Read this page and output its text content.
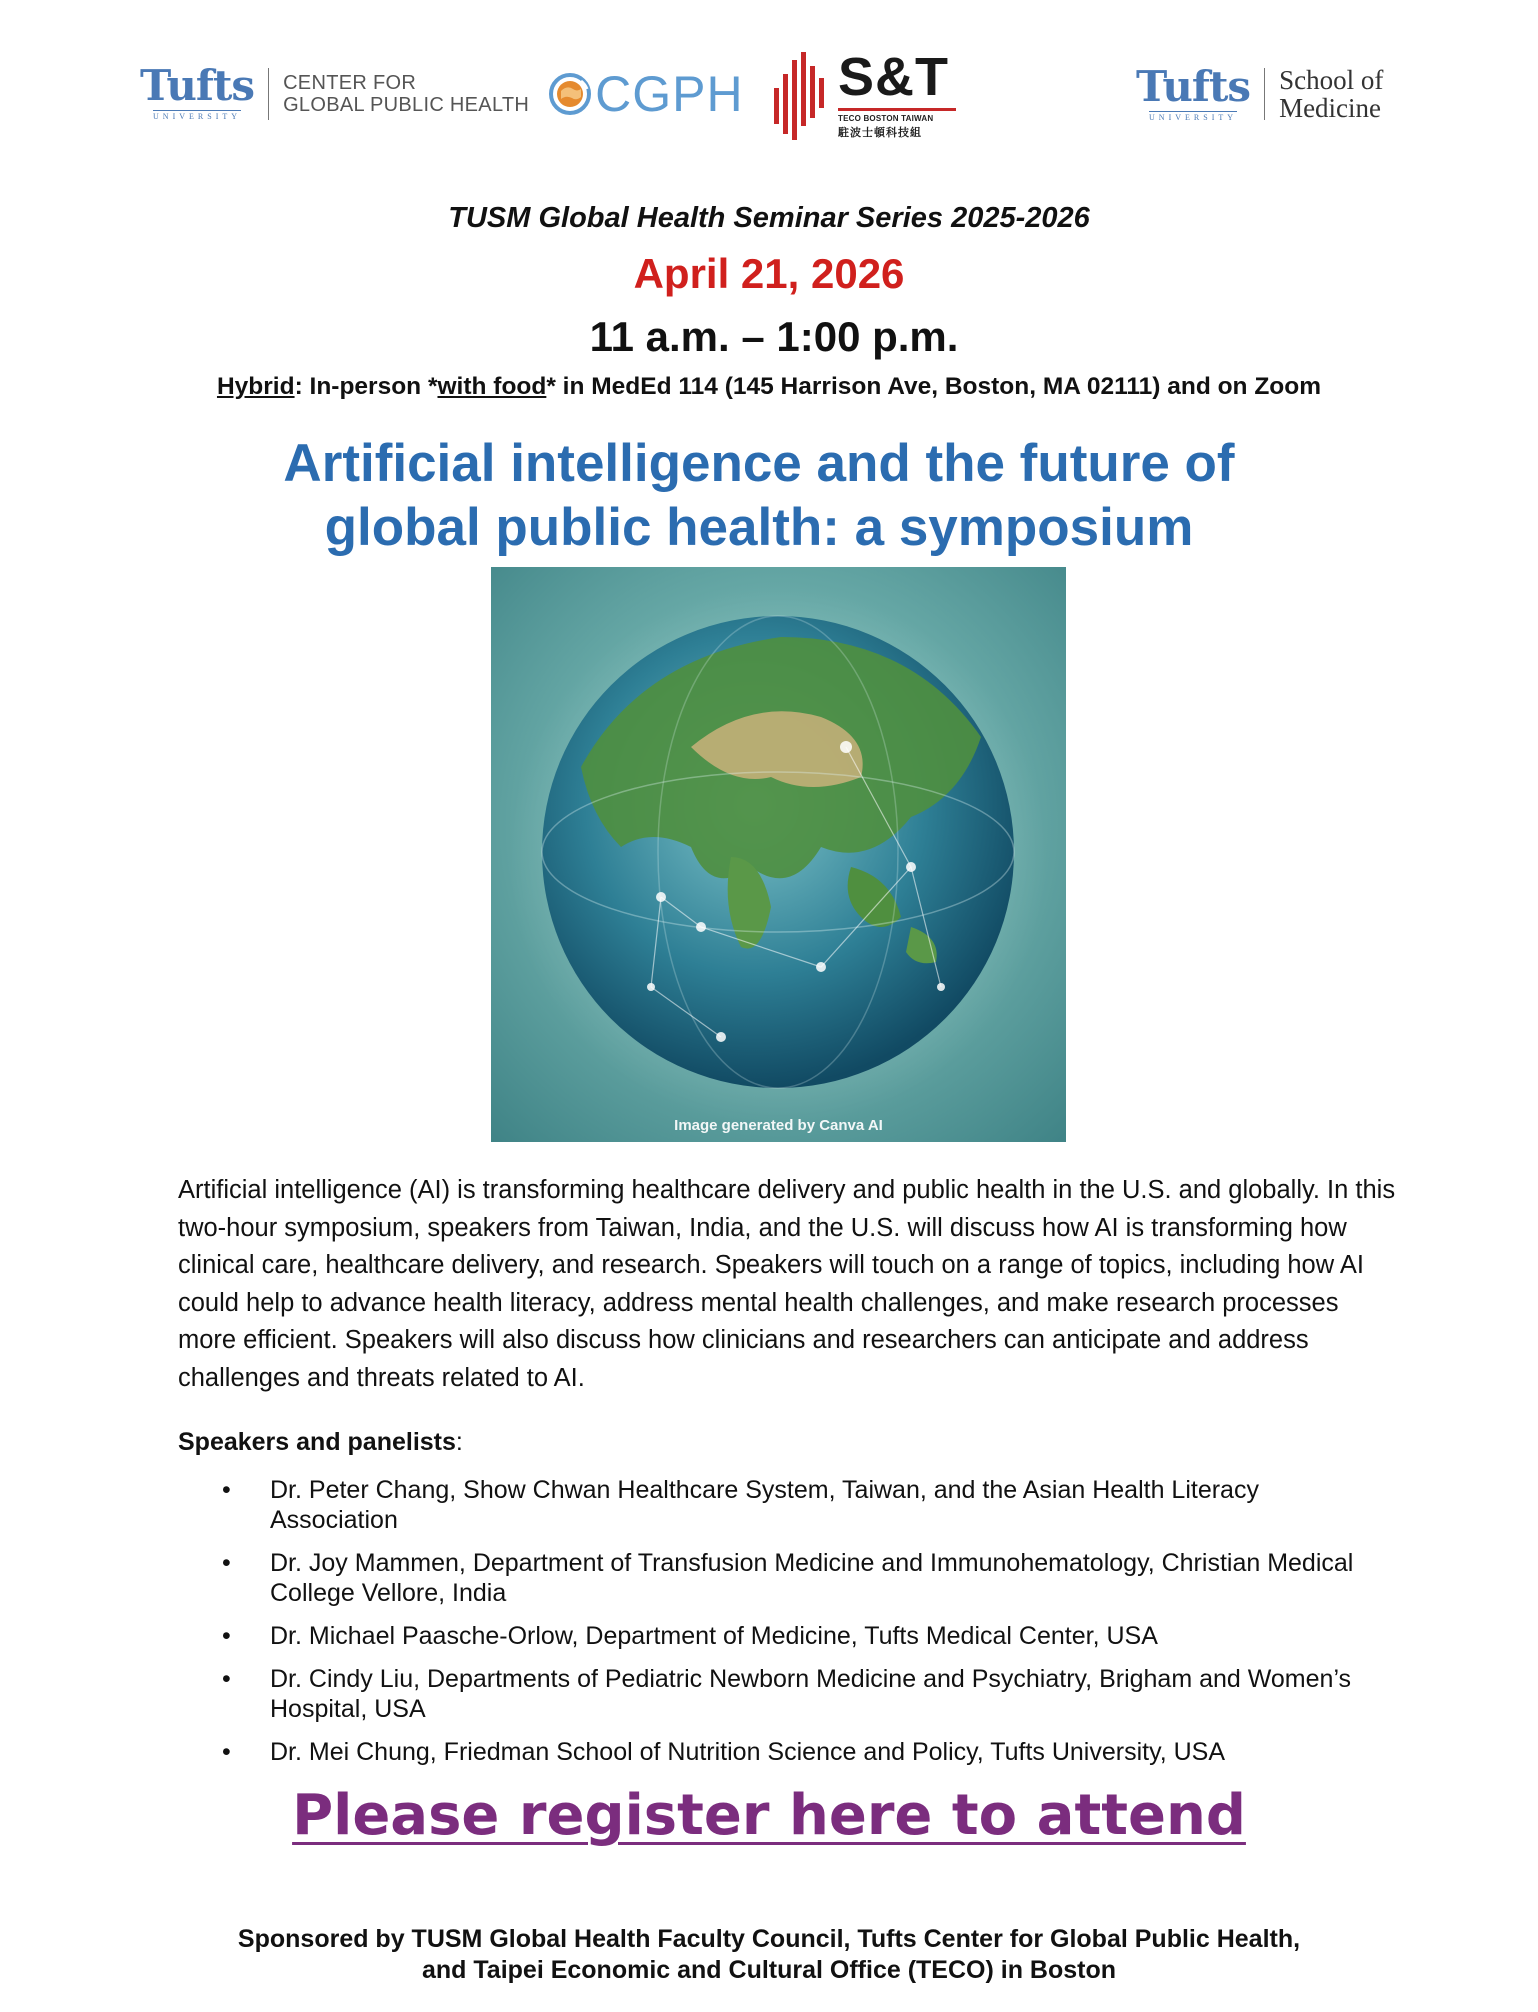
Tufts
UNIVERSITY
CENTER FOR
GLOBAL PUBLIC HEALTH CGPH S&T
TECO BOSTON TAIWAN
駐波士頓科技組
Tufts
UNIVERSITY
School of
Medicine
TUSM Global Health Seminar Series 2025-2026
April 21, 2026
11 a.m. – 1:00 p.m.
Hybrid: In-person *with food* in MedEd 114 (145 Harrison Ave, Boston, MA 02111) and on Zoom
Artificial intelligence and the future of
global public health: a symposium
Image generated by Canva AI
Artificial intelligence (AI) is transforming healthcare delivery and public health in the U.S. and globally. In this two-hour symposium, speakers from Taiwan, India, and the U.S. will discuss how AI is transforming how clinical care, healthcare delivery, and research. Speakers will touch on a range of topics, including how AI could help to advance health literacy, address mental health challenges, and make research processes more efficient. Speakers will also discuss how clinicians and researchers can anticipate and address challenges and threats related to AI.
Speakers and panelists:
• Dr. Peter Chang, Show Chwan Healthcare System, Taiwan, and the Asian Health Literacy Association
• Dr. Joy Mammen, Department of Transfusion Medicine and Immunohematology, Christian Medical College Vellore, India
• Dr. Michael Paasche-Orlow, Department of Medicine, Tufts Medical Center, USA
• Dr. Cindy Liu, Departments of Pediatric Newborn Medicine and Psychiatry, Brigham and Women’s Hospital, USA
• Dr. Mei Chung, Friedman School of Nutrition Science and Policy, Tufts University, USA
Please register here to attend
Sponsored by TUSM Global Health Faculty Council, Tufts Center for Global Public Health,
and Taipei Economic and Cultural Office (TECO) in Boston
